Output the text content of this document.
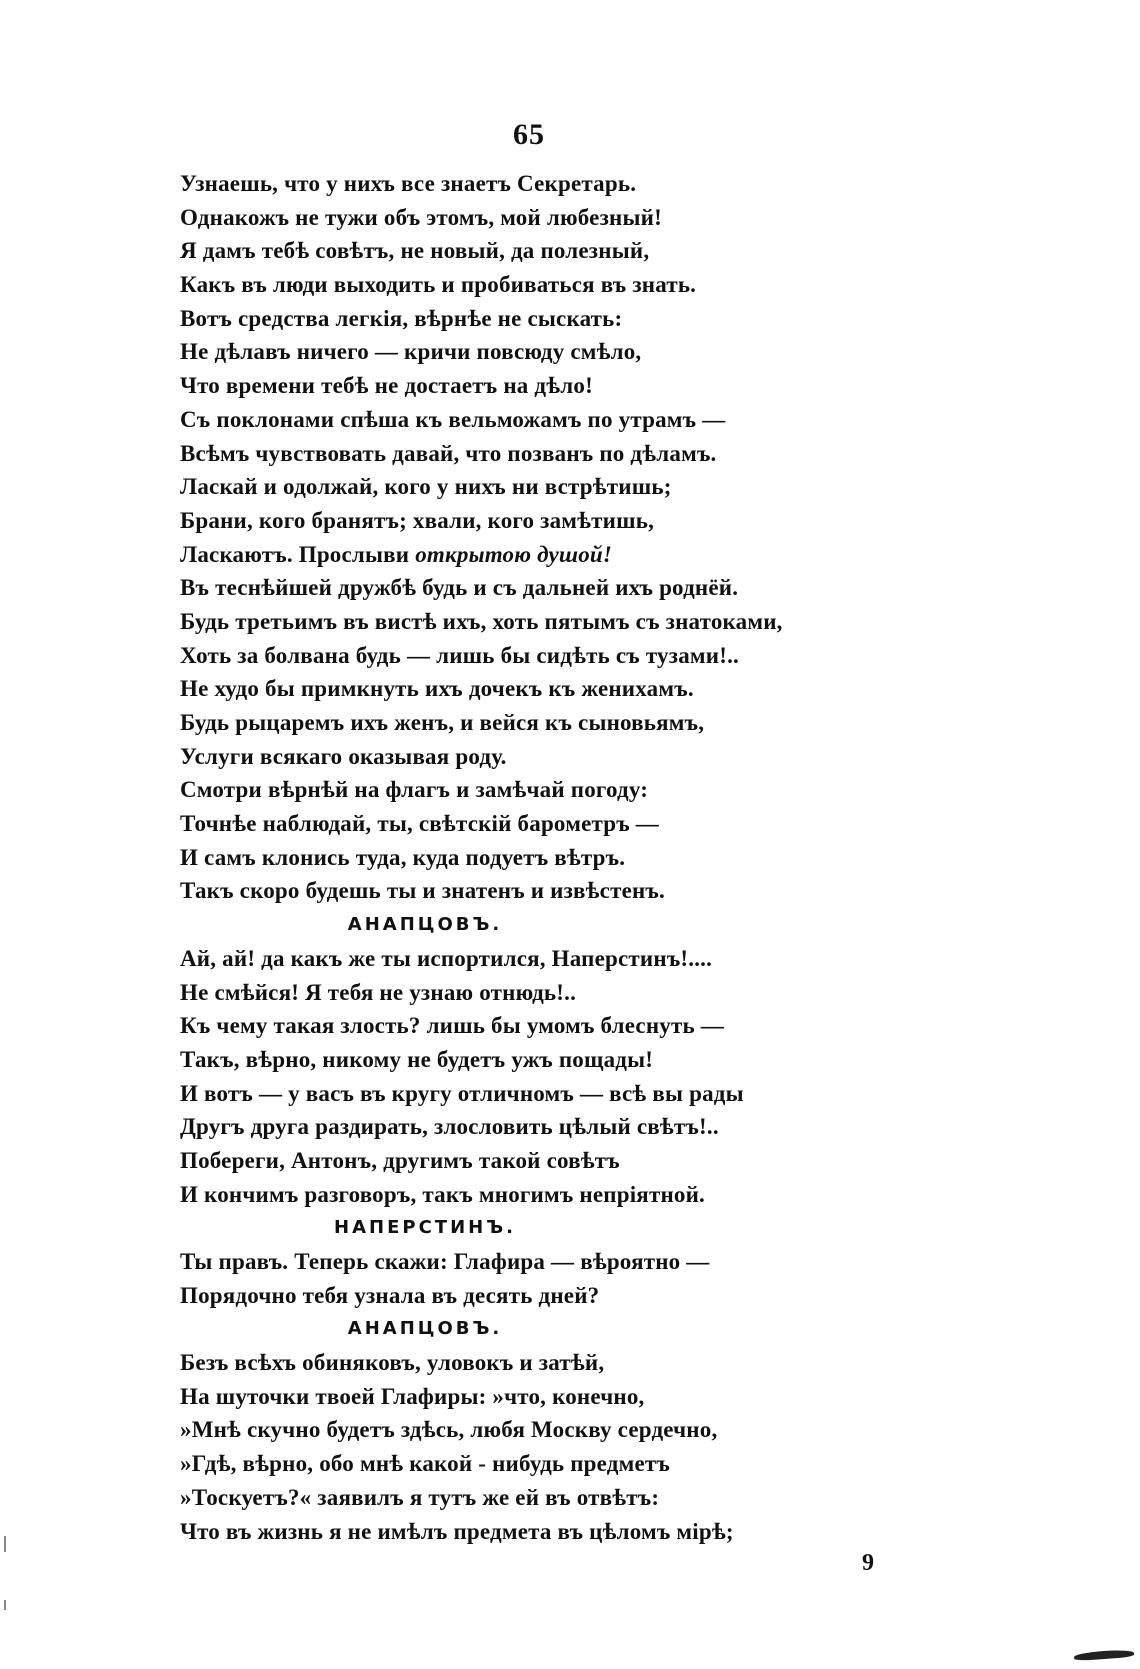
65
Узнаешь, что у нихъ все знаетъ Секретарь.
Однакожъ не тужи объ этомъ, мой любезный!
Я дамъ тебѣ совѣтъ, не новый, да полезный,
Какъ въ люди выходить и пробиваться въ знать.
Вотъ средства легкія, вѣрнѣе не сыскать:
Не дѣлавъ ничего — кричи повсюду смѣло,
Что времени тебѣ не достаетъ на дѣло!
Съ поклонами спѣша къ вельможамъ по утрамъ —
Всѣмъ чувствовать давай, что позванъ по дѣламъ.
Ласкай и одолжай, кого у нихъ ни встрѣтишь;
Брани, кого бранятъ; хвали, кого замѣтишь,
Ласкаютъ. Прослыви открытою душой!
Въ теснѣйшей дружбѣ будь и съ дальней ихъ роднёй.
Будь третьимъ въ вистѣ ихъ, хоть пятымъ съ знатоками,
Хоть за болвана будь — лишь бы сидѣть съ тузами!..
Не худо бы примкнуть ихъ дочекъ къ женихамъ.
Будь рыцаремъ ихъ женъ, и вейся къ сыновьямъ,
Услуги всякаго оказывая роду.
Смотри вѣрнѣй на флагъ и замѣчай погоду:
Точнѣе наблюдай, ты, свѣтскій барометръ —
И самъ клонись туда, куда подуетъ вѣтръ.
Такъ скоро будешь ты и знатенъ и извѣстенъ.
АНАПЦОВЪ.
Ай, ай! да какъ же ты испортился, Наперстинъ!....
Не смѣйся! Я тебя не узнаю отнюдь!..
Къ чему такая злость? лишь бы умомъ блеснуть —
Такъ, вѣрно, никому не будетъ ужъ пощады!
И вотъ — у васъ въ кругу отличномъ — всѣ вы рады
Другъ друга раздирать, злословить цѣлый свѣтъ!..
Побереги, Антонъ, другимъ такой совѣтъ
И кончимъ разговоръ, такъ многимъ непріятной.
НАПЕРСТИНЪ.
Ты правъ. Теперь скажи: Глафира — вѣроятно —
Порядочно тебя узнала въ десять дней?
АНАПЦОВЪ.
Безъ всѣхъ обиняковъ, уловокъ и затѣй,
На шуточки твоей Глафиры: »что, конечно,
»Мнѣ скучно будетъ здѣсь, любя Москву сердечно,
»Гдѣ, вѣрно, обо мнѣ какой - нибудь предметъ
»Тоскуетъ?« заявилъ я тутъ же ей въ отвѣтъ:
Что въ жизнь я не имѣлъ предмета въ цѣломъ мірѣ;
9
